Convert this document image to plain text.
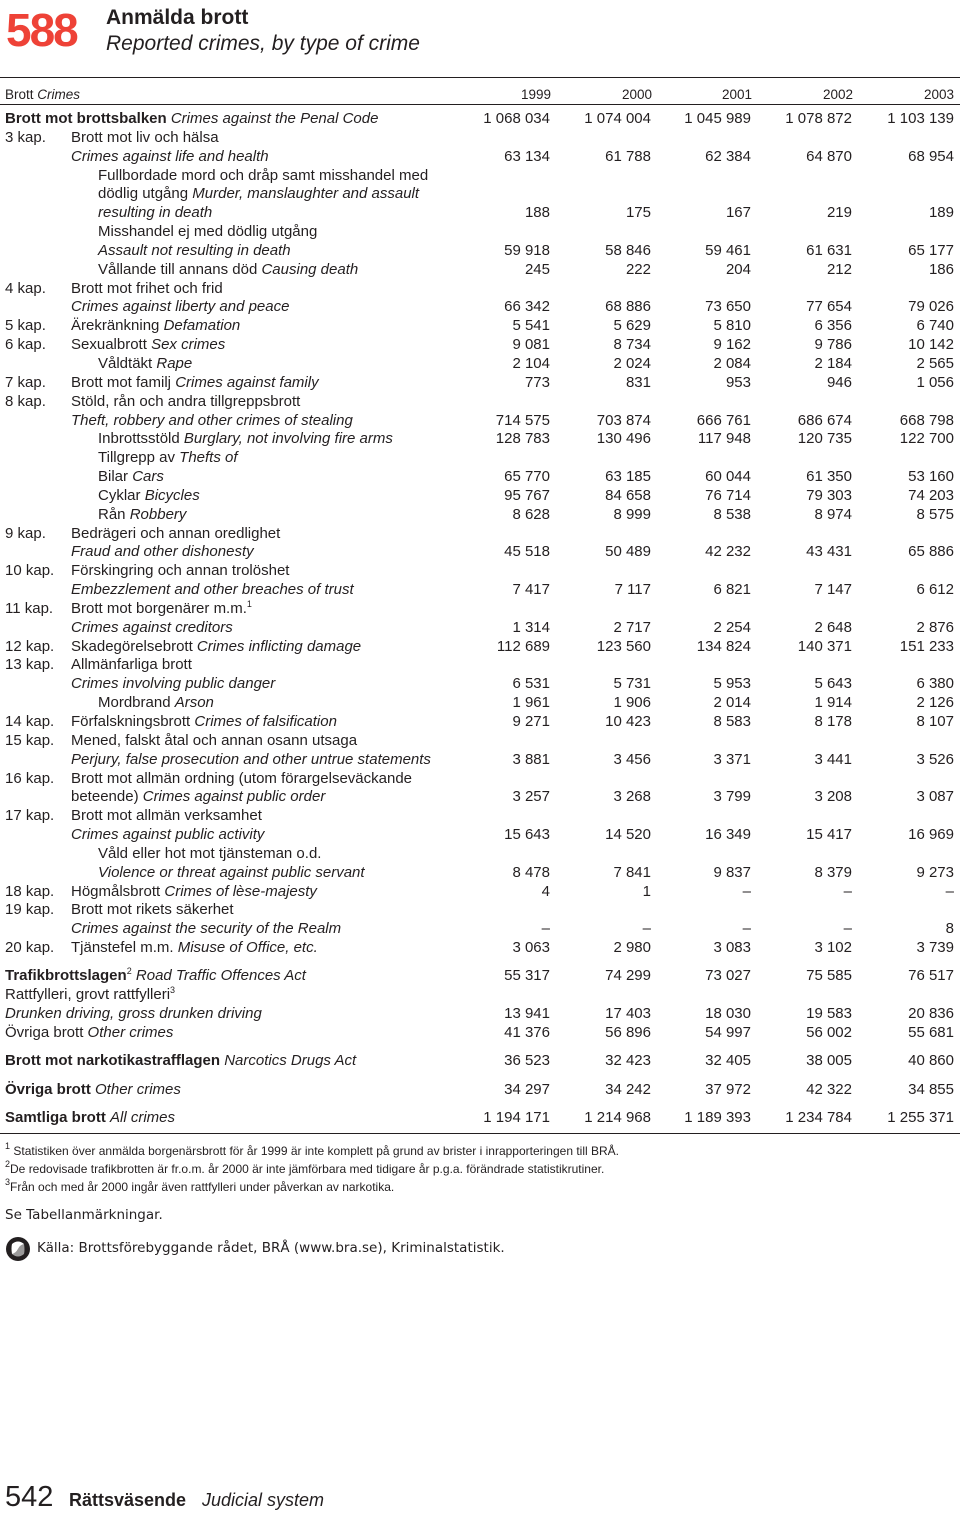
588 Anmälda brott
Reported crimes, by type of crime
Brott Crimes	1999	2000	2001	2002	2003
Brott mot brottsbalken Crimes against the Penal Code	1 068 034	1 074 004	1 045 989	1 078 872	1 103 139

3 kap. Brott mot liv och hälsa					
Crimes against life and health	63 134	61 788	62 384	64 870	68 954
Fullbordade mord och dråp samt misshandel med					
dödlig utgång Murder, manslaughter and assault					
resulting in death	188	175	167	219	189
Misshandel ej med dödlig utgång					
Assault not resulting in death	59 918	58 846	59 461	61 631	65 177
Vållande till annans död Causing death	245	222	204	212	186

4 kap. Brott mot frihet och frid					
Crimes against liberty and peace	66 342	68 886	73 650	77 654	79 026

5 kap. Ärekränkning Defamation	5 541	5 629	5 810	6 356	6 740

6 kap. Sexualbrott Sex crimes	9 081	8 734	9 162	9 786	10 142
Våldtäkt Rape	2 104	2 024	2 084	2 184	2 565

7 kap. Brott mot familj Crimes against family	773	831	953	946	1 056

8 kap. Stöld, rån och andra tillgreppsbrott					
Theft, robbery and other crimes of stealing	714 575	703 874	666 761	686 674	668 798
Inbrottsstöld Burglary, not involving fire arms	128 783	130 496	117 948	120 735	122 700
Tillgrepp av Thefts of					
Bilar Cars	65 770	63 185	60 044	61 350	53 160
Cyklar Bicycles	95 767	84 658	76 714	79 303	74 203
Rån Robbery	8 628	8 999	8 538	8 974	8 575

9 kap. Bedrägeri och annan oredlighet					
Fraud and other dishonesty	45 518	50 489	42 232	43 431	65 886

10 kap. Förskingring och annan trolöshet					
Embezzlement and other breaches of trust	7 417	7 117	6 821	7 147	6 612

11 kap. Brott mot borgenärer m.m.$^1$					
Crimes against creditors	1 314	2 717	2 254	2 648	2 876

12 kap. Skadegörelsebrott Crimes inflicting damage	112 689	123 560	134 824	140 371	151 233

13 kap. Allmänfarliga brott					
Crimes involving public danger	6 531	5 731	5 953	5 643	6 380
Mordbrand Arson	1 961	1 906	2 014	1 914	2 126

14 kap. Förfalskningsbrott Crimes of falsification	9 271	10 423	8 583	8 178	8 107

15 kap. Mened, falskt åtal och annan osann utsaga					
Perjury, false prosecution and other untrue statements	3 881	3 456	3 371	3 441	3 526

16 kap. Brott mot allmän ordning (utom förargelseväckande					
beteende) Crimes against public order	3 257	3 268	3 799	3 208	3 087

17 kap. Brott mot allmän verksamhet					
Crimes against public activity	15 643	14 520	16 349	15 417	16 969
Våld eller hot mot tjänsteman o.d.					
Violence or threat against public servant	8 478	7 841	9 837	8 379	9 273

18 kap. Högmålsbrott Crimes of lèse-majesty	4	1	–	–	–

19 kap. Brott mot rikets säkerhet					
Crimes against the security of the Realm	–	–	–	–	8

20 kap. Tjänstefel m.m. Misuse of Office, etc.	3 063	2 980	3 083	3 102	3 739

Trafikbrottslagen$^2$ Road Traffic Offences Act	55 317	74 299	73 027	75 585	76 517
Rattfylleri, grovt rattfylleri$^3$					
Drunken driving, gross drunken driving	13 941	17 403	18 030	19 583	20 836
Övriga brott Other crimes	41 376	56 896	54 997	56 002	55 681

Brott mot narkotikastrafflagen Narcotics Drugs Act	36 523	32 423	32 405	38 005	40 860

Övriga brott Other crimes	34 297	34 242	37 972	42 322	34 855

Samtliga brott All crimes	1 194 171	1 214 968	1 189 393	1 234 784	1 255 371
$^1$ Statistiken över anmälda borgenärsbrott för år 1999 är inte komplett på grund av brister i inrapporteringen till BRÅ.
$^2$De redovisade trafikbrotten är fr.o.m. år 2000 är inte jämförbara med tidigare år p.g.a. förändrade statistikrutiner.
$^3$Från och med år 2000 ingår även rattfylleri under påverkan av narkotika.
Se Tabellanmärkningar.
Källa: Brottsförebyggande rådet, BRÅ (www.bra.se), Kriminalstatistik.
542 Rättsväsende Judicial system
